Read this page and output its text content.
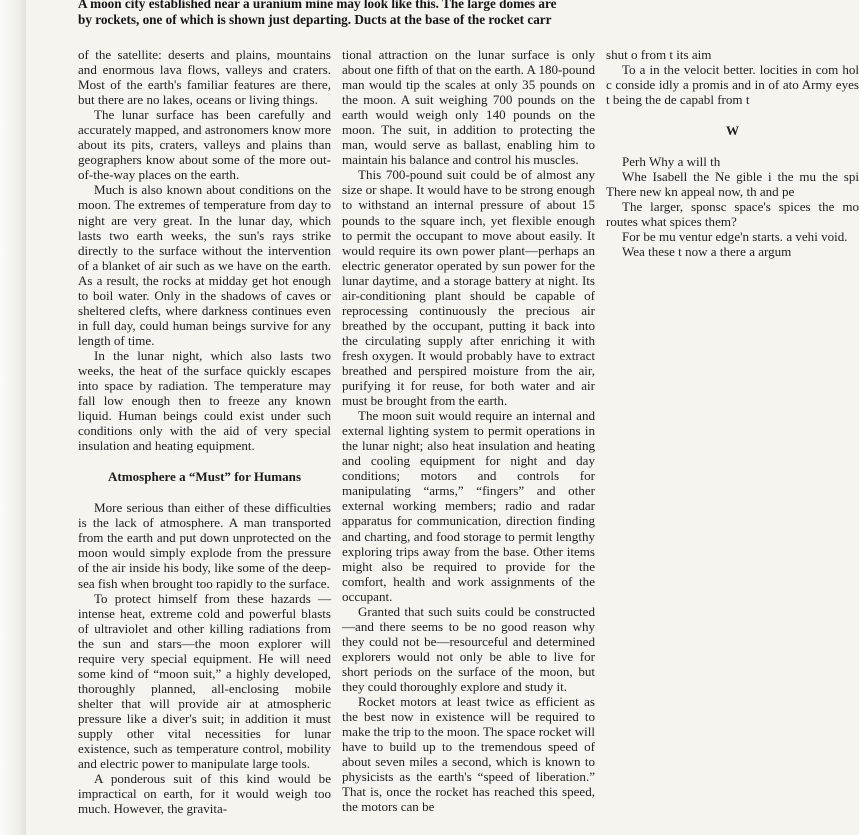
A moon city established near a uranium mine may look like this. The large domes are
by rockets, one of which is shown just departing. Ducts at the base of the rocket carr

of the satellite: deserts and plains, mountains and enormous lava flows, valleys and craters. Most of the earth's familiar features are there, but there are no lakes, oceans or living things.

The lunar surface has been carefully and accurately mapped, and astronomers know more about its pits, craters, valleys and plains than geographers know about some of the more out-of-the-way places on the earth.

Much is also known about conditions on the moon. The extremes of temperature from day to night are very great. In the lunar day, which lasts two earth weeks, the sun's rays strike directly to the surface without the intervention of a blanket of air such as we have on the earth. As a result, the rocks at midday get hot enough to boil water. Only in the shadows of caves or sheltered clefts, where darkness continues even in full day, could human beings survive for any length of time.

In the lunar night, which also lasts two weeks, the heat of the surface quickly escapes into space by radiation. The temperature may fall low enough then to freeze any known liquid. Human beings could exist under such conditions only with the aid of very special insulation and heating equipment.

Atmosphere a “Must” for Humans

More serious than either of these difficulties is the lack of atmosphere. A man transported from the earth and put down unprotected on the moon would simply explode from the pressure of the air inside his body, like some of the deep-sea fish when brought too rapidly to the surface.

To protect himself from these hazards —intense heat, extreme cold and powerful blasts of ultraviolet and other killing radiations from the sun and stars—the moon explorer will require very special equipment. He will need some kind of “moon suit,” a highly developed, thoroughly planned, all-enclosing mobile shelter that will provide air at atmospheric pressure like a diver's suit; in addition it must supply other vital necessities for lunar existence, such as temperature control, mobility and electric power to manipulate large tools.

A ponderous suit of this kind would be impractical on earth, for it would weigh too much. However, the gravita-

tional attraction on the lunar surface is only about one fifth of that on the earth. A 180-pound man would tip the scales at only 35 pounds on the moon. A suit weighing 700 pounds on the earth would weigh only 140 pounds on the moon. The suit, in addition to protecting the man, would serve as ballast, enabling him to maintain his balance and control his muscles.

This 700-pound suit could be of almost any size or shape. It would have to be strong enough to withstand an internal pressure of about 15 pounds to the square inch, yet flexible enough to permit the occupant to move about easily. It would require its own power plant—perhaps an electric generator operated by sun power for the lunar daytime, and a storage battery at night. Its air-conditioning plant should be capable of reprocessing continuously the precious air breathed by the occupant, putting it back into the circulating supply after enriching it with fresh oxygen. It would probably have to extract breathed and perspired moisture from the air, purifying it for reuse, for both water and air must be brought from the earth.

The moon suit would require an internal and external lighting system to permit operations in the lunar night; also heat insulation and heating and cooling equipment for night and day conditions; motors and controls for manipulating “arms,” “fingers” and other external working members; radio and radar apparatus for communication, direction finding and charting, and food storage to permit lengthy exploring trips away from the base. Other items might also be required to provide for the comfort, health and work assignments of the occupant.

Granted that such suits could be constructed—and there seems to be no good reason why they could not be—resourceful and determined explorers would not only be able to live for short periods on the surface of the moon, but they could thoroughly explore and study it.

Rocket motors at least twice as efficient as the best now in existence will be required to make the trip to the moon. The space rocket will have to build up to the tremendous speed of about seven miles a second, which is known to physicists as the earth's “speed of liberation.” That is, once the rocket has reached this speed, the motors can be

shut o from t its aim

To a in the velocit better. locities in com hol c conside idly a promis and in of ato Army eyes t being the de capabl from t

W

Perh Why a will th

Whe Isabell the Ne gible i the mu the spi There new kn appeal now, th and pe

The larger, sponsc space's spices the mo routes what spices them?

For be mu ventur edge'n starts. a vehi void.

Wea these t now a there a argum
